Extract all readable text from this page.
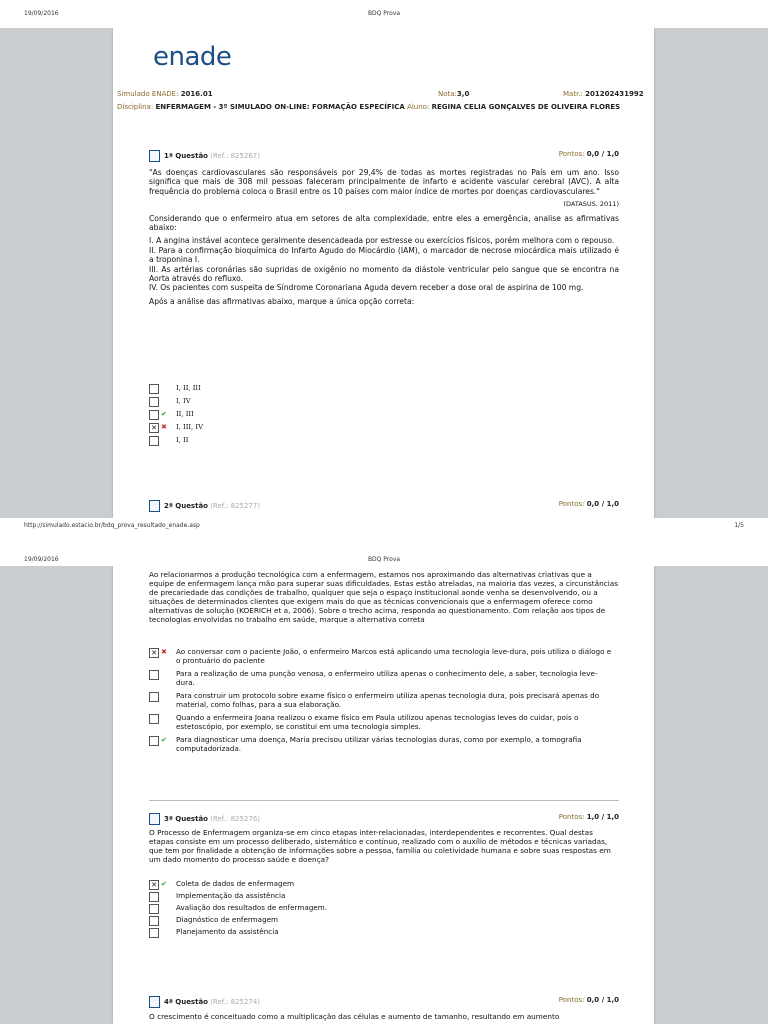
19/09/2016	BDQ Prova
enade
Simulado ENADE: 2016.01	Nota:3,0	Matr.: 201202431992
Disciplina: ENFERMAGEM - 3º SIMULADO ON-LINE: FORMAÇÃO ESPECÍFICA Aluno: REGINA CELIA GONÇALVES DE OLIVEIRA FLORES
1ª Questão (Ref.: 825267)	Pontos: 0,0 / 1,0

"As doenças cardiovasculares são responsáveis por 29,4% de todas as mortes registradas no País em um ano. Isso significa que mais de 308 mil pessoas faleceram principalmente de infarto e acidente vascular cerebral (AVC). A alta frequência do problema coloca o Brasil entre os 10 países com maior índice de mortes por doenças cardiovasculares."

(DATASUS, 2011)

Considerando que o enfermeiro atua em setores de alta complexidade, entre eles a emergência, analise as afirmativas abaixo:

I. A angina instável acontece geralmente desencadeada por estresse ou exercícios físicos, porém melhora com o repouso.

II. Para a confirmação bioquímica do Infarto Agudo do Miocárdio (IAM), o marcador de necrose miocárdica mais utilizado é a troponina I.

III. As artérias coronárias são supridas de oxigênio no momento da diástole ventricular pelo sangue que se encontra na Aorta através do refluxo.

IV. Os pacientes com suspeita de Síndrome Coronariana Aguda devem receber a dose oral de aspirina de 100 mg.

Após a análise das afirmativas abaixo, marque a única opção correta:

I, II, III
I, IV
✔ II, III
✕ ✖ I, III, IV
I, II
2ª Questão (Ref.: 825277)	Pontos: 0,0 / 1,0
http://simulado.estacio.br/bdq_prova_resultado_enade.asp	1/5
19/09/2016	BDQ Prova
Ao relacionarmos a produção tecnológica com a enfermagem, estamos nos aproximando das alternativas criativas que a equipe de enfermagem lança mão para superar suas dificuldades. Estas estão atreladas, na maioria das vezes, a circunstâncias de precariedade das condições de trabalho, qualquer que seja o espaço institucional aonde venha se desenvolvendo, ou a situações de determinados clientes que exigem mais do que as técnicas convencionais que a enfermagem oferece como alternativas de solução (KOERICH et a, 2006). Sobre o trecho acima, responda ao questionamento. Com relação aos tipos de tecnologias envolvidas no trabalho em saúde, marque a alternativa correta
✕ ✖ Ao conversar com o paciente João, o enfermeiro Marcos está aplicando uma tecnologia leve-dura, pois utiliza o diálogo e o prontuário do paciente
Para a realização de uma punção venosa, o enfermeiro utiliza apenas o conhecimento dele, a saber, tecnologia leve-dura.
Para construir um protocolo sobre exame físico o enfermeiro utiliza apenas tecnologia dura, pois precisará apenas do material, como folhas, para a sua elaboração.
Quando a enfermeira Joana realizou o exame físico em Paula utilizou apenas tecnologias leves do cuidar, pois o estetoscópio, por exemplo, se constitui em uma tecnologia simples.
✔ Para diagnosticar uma doença, Maria precisou utilizar várias tecnologias duras, como por exemplo, a tomografia computadorizada.
3ª Questão (Ref.: 825276)	Pontos: 1,0 / 1,0
O Processo de Enfermagem organiza-se em cinco etapas inter-relacionadas, interdependentes e recorrentes. Qual destas etapas consiste em um processo deliberado, sistemático e contínuo, realizado com o auxílio de métodos e técnicas variadas, que tem por finalidade a obtenção de informações sobre a pessoa, família ou coletividade humana e sobre suas respostas em um dado momento do processo saúde e doença?
✕ ✔ Coleta de dados de enfermagem
Implementação da assistência
Avaliação dos resultados de enfermagem.
Diagnóstico de enfermagem
Planejamento da assistência
4ª Questão (Ref.: 825274)	Pontos: 0,0 / 1,0
O crescimento é conceituado como a multiplicação das células e aumento de tamanho, resultando em aumento
